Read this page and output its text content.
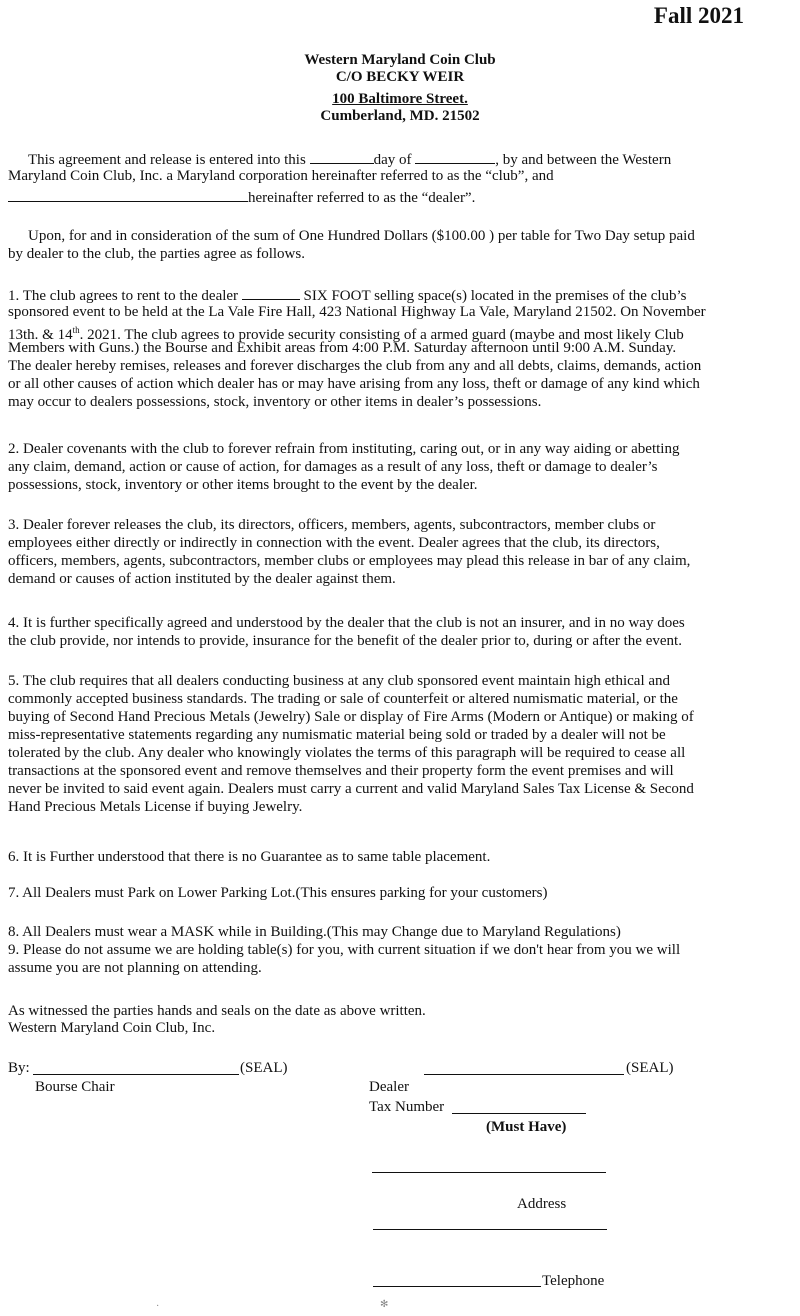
Fall 2021
Western Maryland Coin Club
C/O BECKY WEIR
100 Baltimore Street.
Cumberland, MD. 21502
This agreement and release is entered into this	day of	, by and between the Western
Maryland Coin Club, Inc. a Maryland corporation hereinafter referred to as the “club”, and
hereinafter referred to as the “dealer”.
Upon, for and in consideration of the sum of One Hundred Dollars ($100.00 ) per table for Two Day setup paid
by dealer to the club, the parties agree as follows.
1. The club agrees to rent to the dealer	SIX FOOT selling space(s) located in the premises of the club’s
sponsored event to be held at the La Vale Fire Hall, 423 National Highway La Vale, Maryland 21502. On November
13th. & 14th. 2021. The club agrees to provide security consisting of a armed guard (maybe and most likely Club
Members with Guns.) the Bourse and Exhibit areas from 4:00 P.M. Saturday afternoon until 9:00 A.M. Sunday.
The dealer hereby remises, releases and forever discharges the club from any and all debts, claims, demands, action
or all other causes of action which dealer has or may have arising from any loss, theft or damage of any kind which
may occur to dealers possessions, stock, inventory or other items in dealer’s possessions.
2. Dealer covenants with the club to forever refrain from instituting, caring out, or in any way aiding or abetting
any claim, demand, action or cause of action, for damages as a result of any loss, theft or damage to dealer’s
possessions, stock, inventory or other items brought to the event by the dealer.
3. Dealer forever releases the club, its directors, officers, members, agents, subcontractors, member clubs or
employees either directly or indirectly in connection with the event. Dealer agrees that the club, its directors,
officers, members, agents, subcontractors, member clubs or employees may plead this release in bar of any claim,
demand or causes of action instituted by the dealer against them.
4. It is further specifically agreed and understood by the dealer that the club is not an insurer, and in no way does
the club provide, nor intends to provide, insurance for the benefit of the dealer prior to, during or after the event.
5. The club requires that all dealers conducting business at any club sponsored event maintain high ethical and
commonly accepted business standards. The trading or sale of counterfeit or altered numismatic material, or the
buying of Second Hand Precious Metals (Jewelry) Sale or display of Fire Arms (Modern or Antique) or making of
miss-representative statements regarding any numismatic material being sold or traded by a dealer will not be
tolerated by the club. Any dealer who knowingly violates the terms of this paragraph will be required to cease all
transactions at the sponsored event and remove themselves and their property form the event premises and will
never be invited to said event again. Dealers must carry a current and valid Maryland Sales Tax License & Second
Hand Precious Metals License if buying Jewelry.
6. It is Further understood that there is no Guarantee as to same table placement.
7. All Dealers must Park on Lower Parking Lot.(This ensures parking for your customers)
8. All Dealers must wear a MASK while in Building.(This may Change due to Maryland Regulations)
9. Please do not assume we are holding table(s) for you, with current situation if we don't hear from you we will
assume you are not planning on attending.
As witnessed the parties hands and seals on the date as above written.
Western Maryland Coin Club, Inc.
By:	(SEAL)
Bourse Chair
(SEAL)
Dealer
Tax Number
(Must Have)
Address
Telephone
✻
·
